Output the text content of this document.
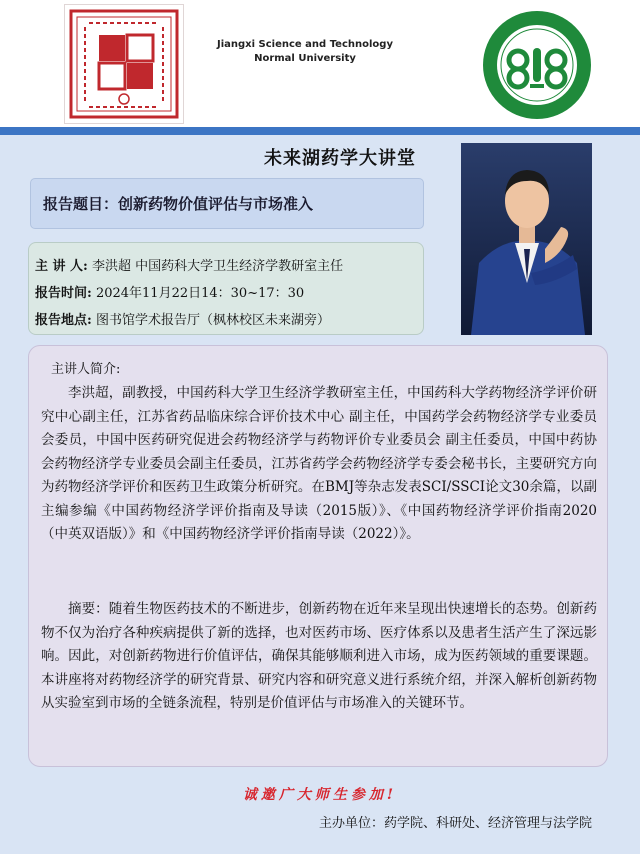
Jiangxi Science and Technology
Normal University
未来湖药学大讲堂
报告题目：创新药物价值评估与市场准入
主 讲 人: 李洪超 中国药科大学卫生经济学教研室主任
报告时间: 2024年11月22日14：30~17：30
报告地点: 图书馆学术报告厅（枫林校区未来湖旁）
主讲人简介:

李洪超，副教授，中国药科大学卫生经济学教研室主任，中国药科大学药物经济学评价研究中心副主任，江苏省药品临床综合评价技术中心 副主任，中国药学会药物经济学专业委员会委员，中国中医药研究促进会药物经济学与药物评价专业委员会 副主任委员，中国中药协会药物经济学专业委员会副主任委员，江苏省药学会药物经济学专委会秘书长，主要研究方向为药物经济学评价和医药卫生政策分析研究。在BMJ等杂志发表SCI/SSCI论文30余篇，以副主编参编《中国药物经济学评价指南及导读（2015版）》、《中国药物经济学评价指南2020（中英双语版）》和《中国药物经济学评价指南导读（2022）》。

摘要：随着生物医药技术的不断进步，创新药物在近年来呈现出快速增长的态势。创新药物不仅为治疗各种疾病提供了新的选择，也对医药市场、医疗体系以及患者生活产生了深远影响。因此，对创新药物进行价值评估，确保其能够顺利进入市场，成为医药领域的重要课题。本讲座将对药物经济学的研究背景、研究内容和研究意义进行系统介绍，并深入解析创新药物从实验室到市场的全链条流程，特别是价值评估与市场准入的关键环节。

诚邀广大师生参加!
主办单位：药学院、科研处、经济管理与法学院
